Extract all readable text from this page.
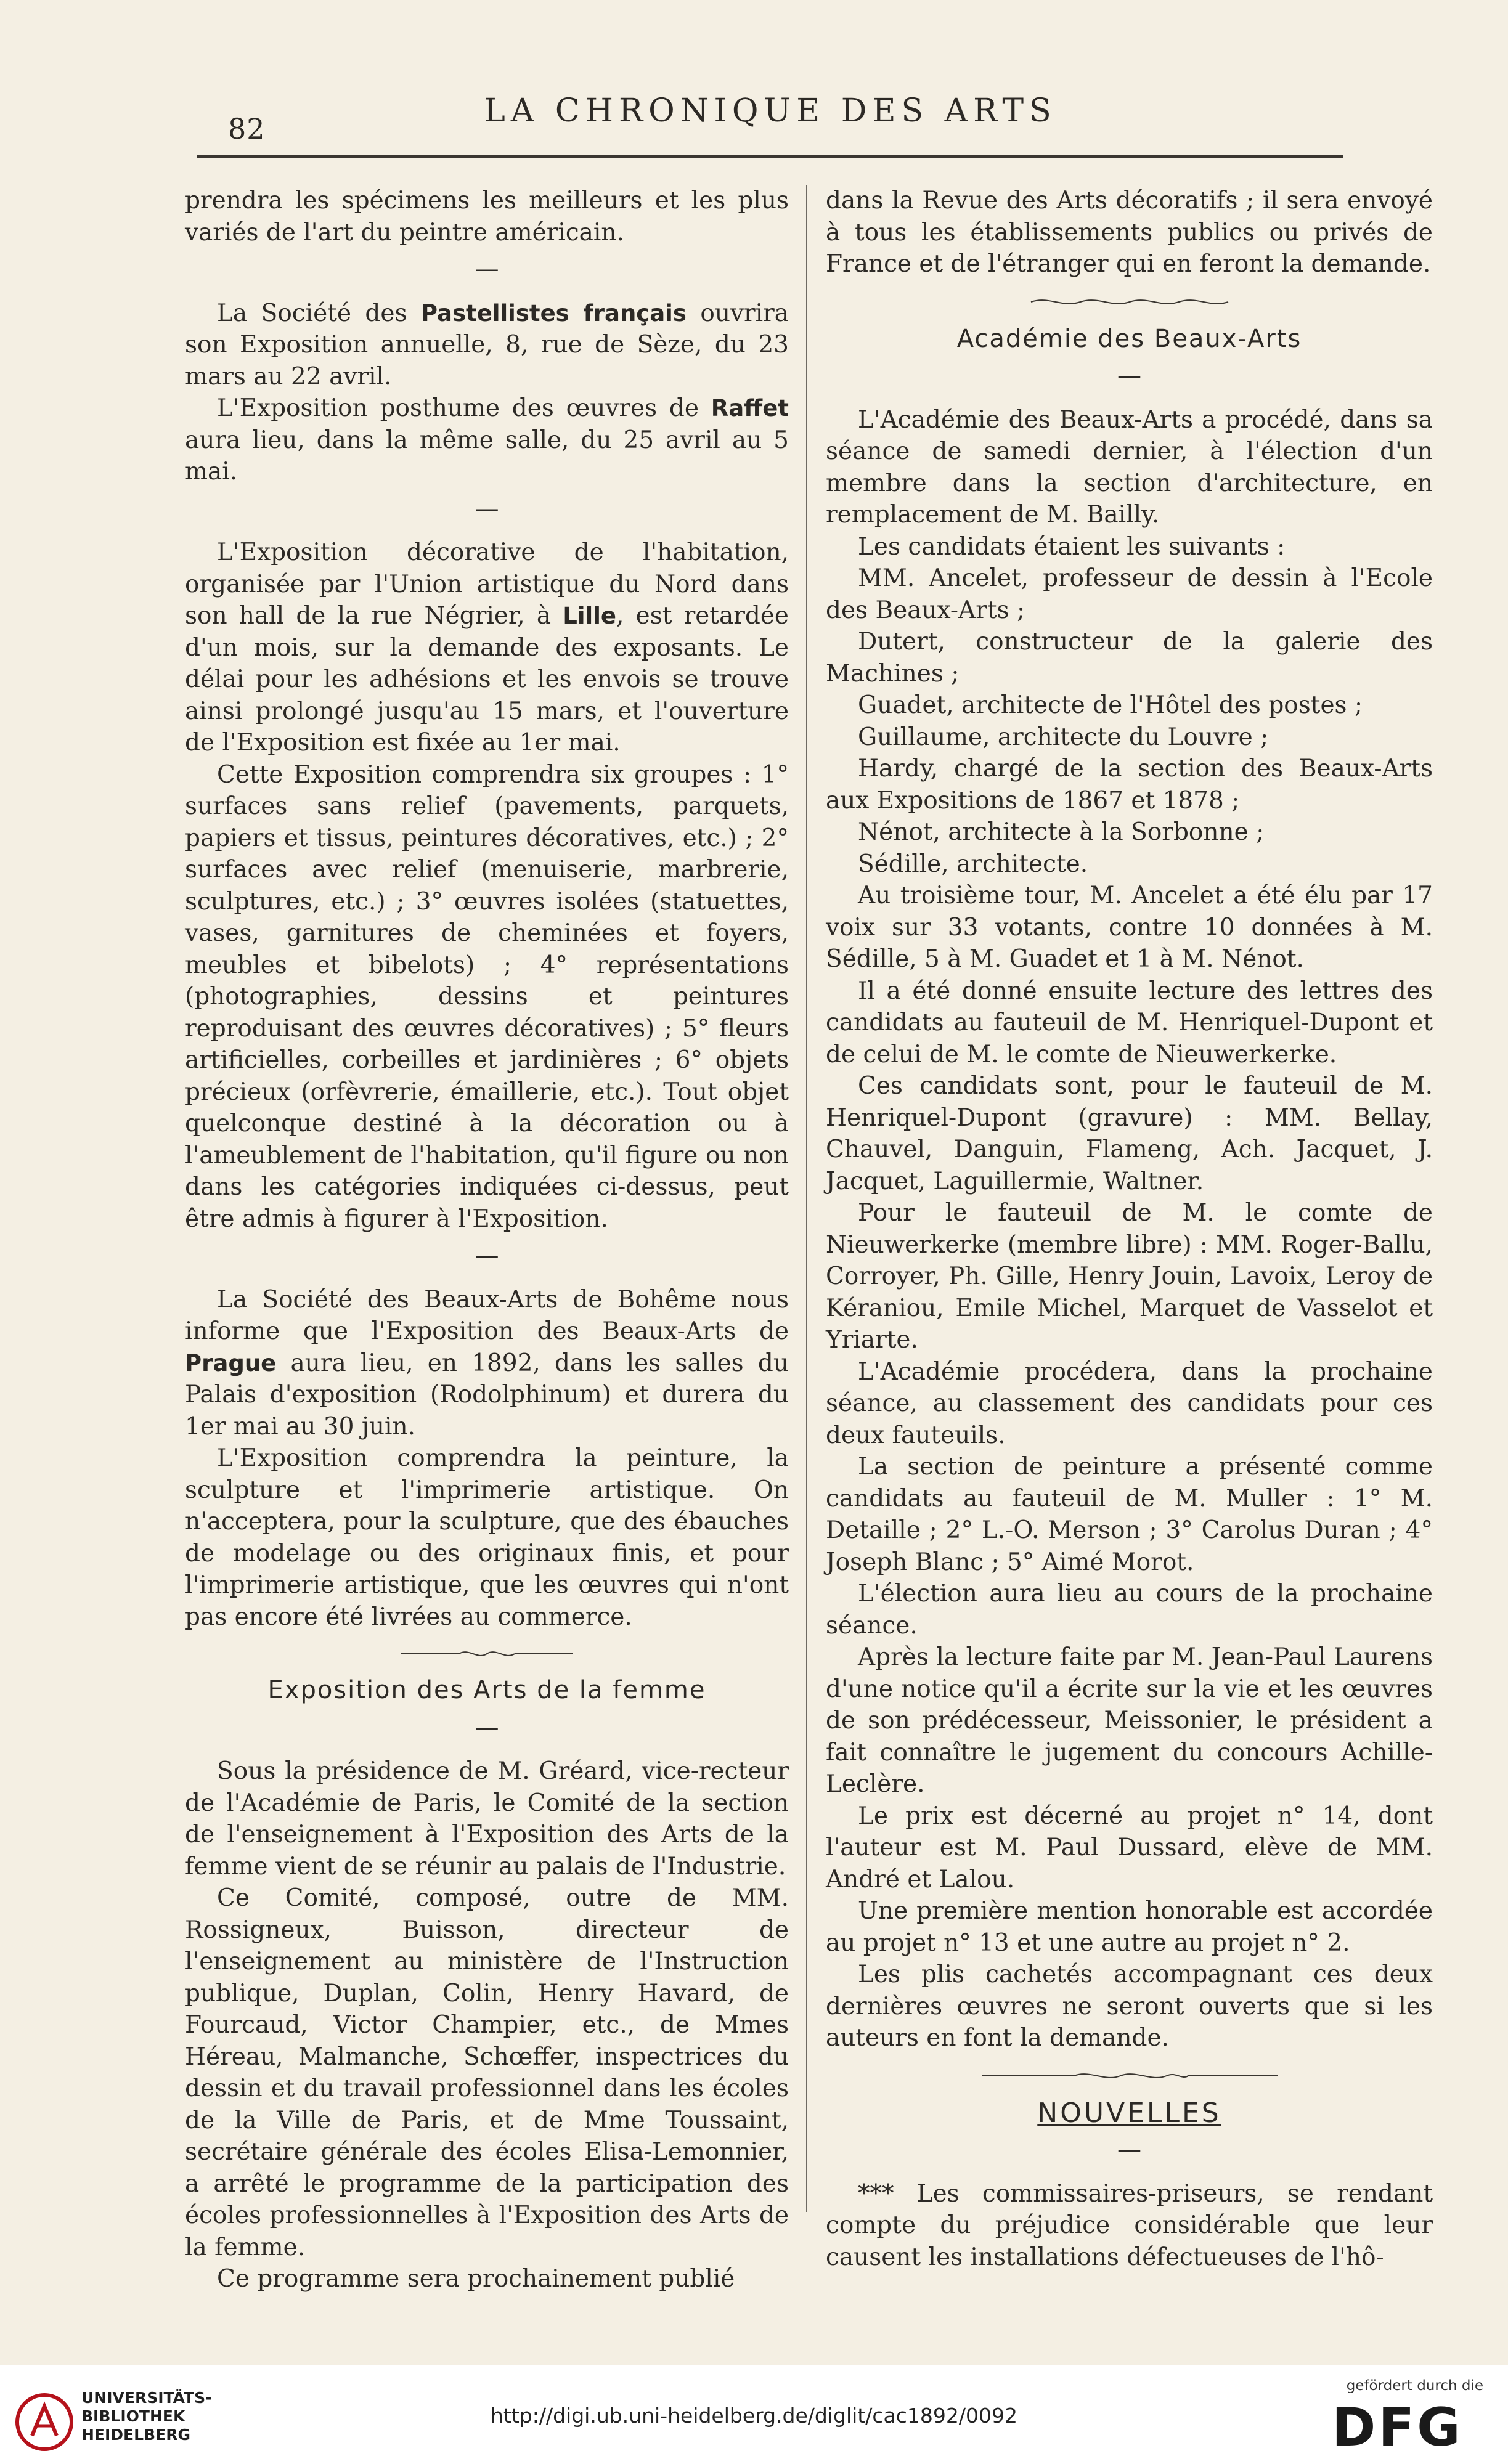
82	LA CHRONIQUE DES ARTS

prendra les spécimens les meilleurs et les plus variés de l'art du peintre américain.

—

La Société des Pastellistes français ouvrira son Exposition annuelle, 8, rue de Sèze, du 23 mars au 22 avril.

L'Exposition posthume des œuvres de Raffet aura lieu, dans la même salle, du 25 avril au 5 mai.

—

L'Exposition décorative de l'habitation, organisée par l'Union artistique du Nord dans son hall de la rue Négrier, à Lille, est retardée d'un mois, sur la demande des exposants. Le délai pour les adhésions et les envois se trouve ainsi prolongé jusqu'au 15 mars, et l'ouverture de l'Exposition est fixée au 1er mai.

Cette Exposition comprendra six groupes : 1° surfaces sans relief (pavements, parquets, papiers et tissus, peintures décoratives, etc.) ; 2° surfaces avec relief (menuiserie, marbrerie, sculptures, etc.) ; 3° œuvres isolées (statuettes, vases, garnitures de cheminées et foyers, meubles et bibelots) ; 4° représentations (photographies, dessins et peintures reproduisant des œuvres décoratives) ; 5° fleurs artificielles, corbeilles et jardinières ; 6° objets précieux (orfèvrerie, émaillerie, etc.). Tout objet quelconque destiné à la décoration ou à l'ameublement de l'habitation, qu'il figure ou non dans les catégories indiquées ci-dessus, peut être admis à figurer à l'Exposition.

—

La Société des Beaux-Arts de Bohême nous informe que l'Exposition des Beaux-Arts de Prague aura lieu, en 1892, dans les salles du Palais d'exposition (Rodolphinum) et durera du 1er mai au 30 juin.

L'Exposition comprendra la peinture, la sculpture et l'imprimerie artistique. On n'acceptera, pour la sculpture, que des ébauches de modelage ou des originaux finis, et pour l'imprimerie artistique, que les œuvres qui n'ont pas encore été livrées au commerce.

Exposition des Arts de la femme
—

Sous la présidence de M. Gréard, vice-recteur de l'Académie de Paris, le Comité de la section de l'enseignement à l'Exposition des Arts de la femme vient de se réunir au palais de l'Industrie.

Ce Comité, composé, outre de MM. Rossigneux, Buisson, directeur de l'enseignement au ministère de l'Instruction publique, Duplan, Colin, Henry Havard, de Fourcaud, Victor Champier, etc., de Mmes Héreau, Malmanche, Schœffer, inspectrices du dessin et du travail professionnel dans les écoles de la Ville de Paris, et de Mme Toussaint, secrétaire générale des écoles Elisa-Lemonnier, a arrêté le programme de la participation des écoles professionnelles à l'Exposition des Arts de la femme.

Ce programme sera prochainement publié

dans la Revue des Arts décoratifs ; il sera envoyé à tous les établissements publics ou privés de France et de l'étranger qui en feront la demande.

Académie des Beaux-Arts
—

L'Académie des Beaux-Arts a procédé, dans sa séance de samedi dernier, à l'élection d'un membre dans la section d'architecture, en remplacement de M. Bailly.

Les candidats étaient les suivants :

MM. Ancelet, professeur de dessin à l'Ecole des Beaux-Arts ;

Dutert, constructeur de la galerie des Machines ;

Guadet, architecte de l'Hôtel des postes ;

Guillaume, architecte du Louvre ;

Hardy, chargé de la section des Beaux-Arts aux Expositions de 1867 et 1878 ;

Nénot, architecte à la Sorbonne ;

Sédille, architecte.

Au troisième tour, M. Ancelet a été élu par 17 voix sur 33 votants, contre 10 données à M. Sédille, 5 à M. Guadet et 1 à M. Nénot.

Il a été donné ensuite lecture des lettres des candidats au fauteuil de M. Henriquel-Dupont et de celui de M. le comte de Nieuwerkerke.

Ces candidats sont, pour le fauteuil de M. Henriquel-Dupont (gravure) : MM. Bellay, Chauvel, Danguin, Flameng, Ach. Jacquet, J. Jacquet, Laguillermie, Waltner.

Pour le fauteuil de M. le comte de Nieuwerkerke (membre libre) : MM. Roger-Ballu, Corroyer, Ph. Gille, Henry Jouin, Lavoix, Leroy de Kéraniou, Emile Michel, Marquet de Vasselot et Yriarte.

L'Académie procédera, dans la prochaine séance, au classement des candidats pour ces deux fauteuils.

La section de peinture a présenté comme candidats au fauteuil de M. Muller : 1° M. Detaille ; 2° L.-O. Merson ; 3° Carolus Duran ; 4° Joseph Blanc ; 5° Aimé Morot.

L'élection aura lieu au cours de la prochaine séance.

Après la lecture faite par M. Jean-Paul Laurens d'une notice qu'il a écrite sur la vie et les œuvres de son prédécesseur, Meissonier, le président a fait connaître le jugement du concours Achille-Leclère.

Le prix est décerné au projet n° 14, dont l'auteur est M. Paul Dussard, elève de MM. André et Lalou.

Une première mention honorable est accordée au projet n° 13 et une autre au projet n° 2.

Les plis cachetés accompagnant ces deux dernières œuvres ne seront ouverts que si les auteurs en font la demande.

NOUVELLES
—

*** Les commissaires-priseurs, se rendant compte du préjudice considérable que leur causent les installations défectueuses de l'hô-

UNIVERSITÄTS-
BIBLIOTHEK
HEIDELBERG
http://digi.ub.uni-heidelberg.de/diglit/cac1892/0092
gefördert durch die
DFG
